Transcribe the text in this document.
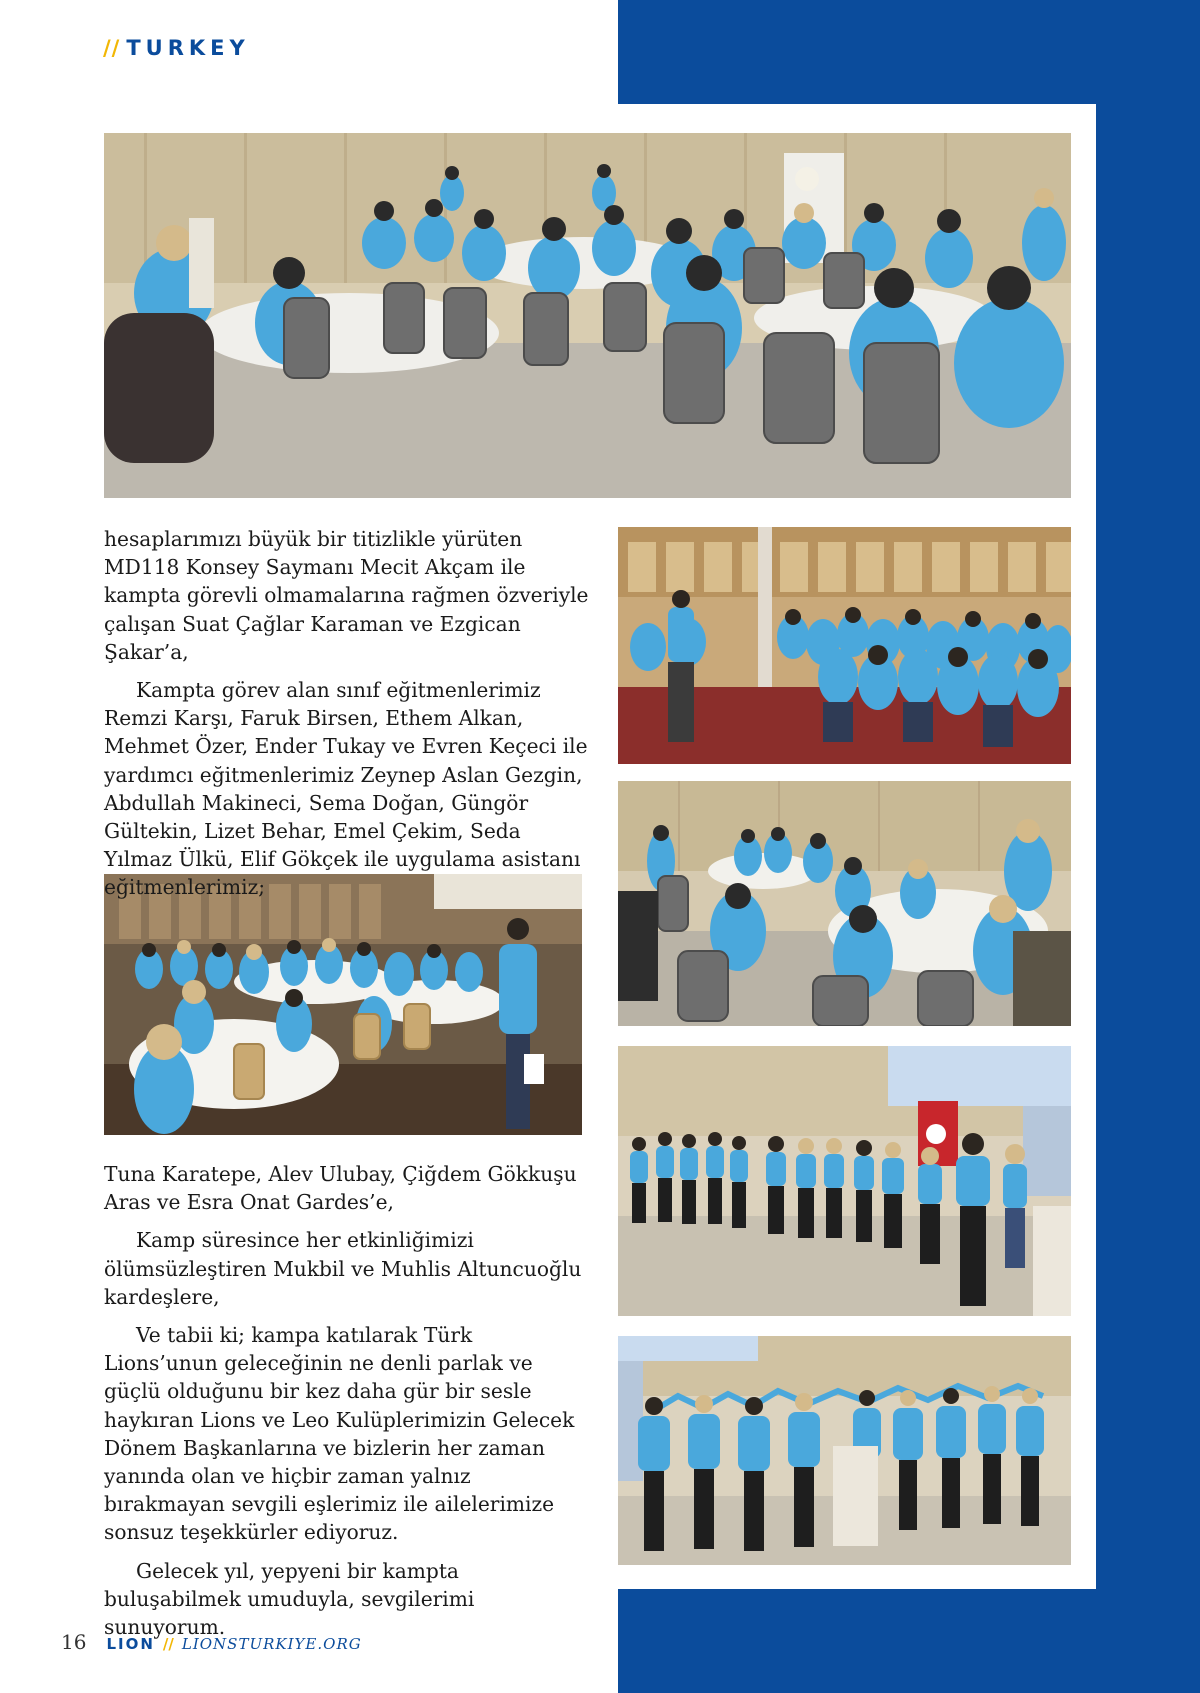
// TURKEY

hesaplarımızı büyük bir titizlikle yürüten MD118 Konsey Saymanı Mecit Akçam ile kampta görevli olmamalarına rağmen özveriyle çalışan Suat Çağlar Karaman ve Ezgican Şakar’a,

Kampta görev alan sınıf eğitmenlerimiz Remzi Karşı, Faruk Birsen, Ethem Alkan, Mehmet Özer, Ender Tukay ve Evren Keçeci ile yardımcı eğitmenlerimiz Zeynep Aslan Gezgin, Abdullah Makineci, Sema Doğan, Güngör Gültekin, Lizet Behar, Emel Çekim, Seda Yılmaz Ülkü, Elif Gökçek ile uygulama asistanı eğitmenlerimiz;

Tuna Karatepe, Alev Ulubay, Çiğdem Gökkuşu Aras ve Esra Onat Gardes’e,

Kamp süresince her etkinliğimizi ölümsüzleştiren Mukbil ve Muhlis Altuncuoğlu kardeşlere,

Ve tabii ki; kampa katılarak Türk Lions’unun geleceğinin ne denli parlak ve güçlü olduğunu bir kez daha gür bir sesle haykıran Lions ve Leo Kulüplerimizin Gelecek Dönem Başkanlarına ve bizlerin her zaman yanında olan ve hiçbir zaman yalnız bırakmayan sevgili eşlerimiz ile ailelerimize sonsuz teşekkürler ediyoruz.

Gelecek yıl, yepyeni bir kampta buluşabilmek umuduyla, sevgilerimi sunuyorum.

16 LION // LIONSTURKIYE.ORG
